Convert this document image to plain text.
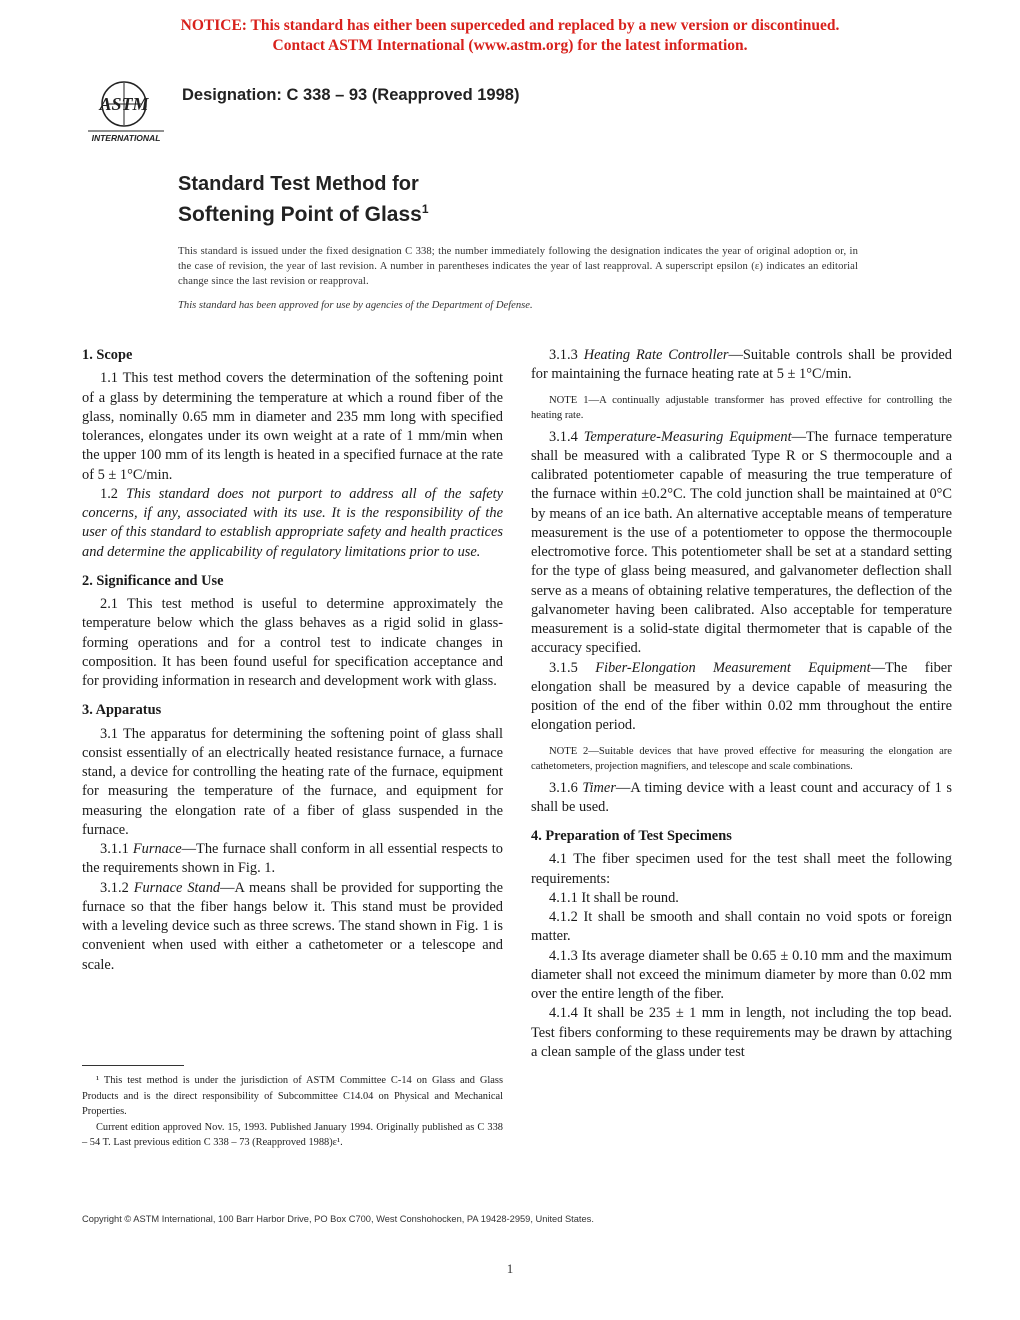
NOTICE: This standard has either been superceded and replaced by a new version or discontinued.
Contact ASTM International (www.astm.org) for the latest information.
ASTM
INTERNATIONAL
Designation: C 338 – 93 (Reapproved 1998)
Standard Test Method for
Softening Point of Glass$^1$
This standard is issued under the fixed designation C 338; the number immediately following the designation indicates the year of original adoption or, in the case of revision, the year of last revision. A number in parentheses indicates the year of last reapproval. A superscript epsilon (ε) indicates an editorial change since the last revision or reapproval.
This standard has been approved for use by agencies of the Department of Defense.
1. Scope

1.1 This test method covers the determination of the softening point of a glass by determining the temperature at which a round fiber of the glass, nominally 0.65 mm in diameter and 235 mm long with specified tolerances, elongates under its own weight at a rate of 1 mm/min when the upper 100 mm of its length is heated in a specified furnace at the rate of 5 ± 1°C/min.

1.2 This standard does not purport to address all of the safety concerns, if any, associated with its use. It is the responsibility of the user of this standard to establish appropriate safety and health practices and determine the applicability of regulatory limitations prior to use.

2. Significance and Use

2.1 This test method is useful to determine approximately the temperature below which the glass behaves as a rigid solid in glass-forming operations and for a control test to indicate changes in composition. It has been found useful for specification acceptance and for providing information in research and development work with glass.

3. Apparatus

3.1 The apparatus for determining the softening point of glass shall consist essentially of an electrically heated resistance furnace, a furnace stand, a device for controlling the heating rate of the furnace, equipment for measuring the temperature of the furnace, and equipment for measuring the elongation rate of a fiber of glass suspended in the furnace.

3.1.1 Furnace—The furnace shall conform in all essential respects to the requirements shown in Fig. 1.

3.1.2 Furnace Stand—A means shall be provided for supporting the furnace so that the fiber hangs below it. This stand must be provided with a leveling device such as three screws. The stand shown in Fig. 1 is convenient when used with either a cathetometer or a telescope and scale.

3.1.3 Heating Rate Controller—Suitable controls shall be provided for maintaining the furnace heating rate at 5 ± 1°C/min.

NOTE 1—A continually adjustable transformer has proved effective for controlling the heating rate.

3.1.4 Temperature-Measuring Equipment—The furnace temperature shall be measured with a calibrated Type R or S thermocouple and a calibrated potentiometer capable of measuring the true temperature of the furnace within ±0.2°C. The cold junction shall be maintained at 0°C by means of an ice bath. An alternative acceptable means of temperature measurement is the use of a potentiometer to oppose the thermocouple electromotive force. This potentiometer shall be set at a standard setting for the type of glass being measured, and galvanometer deflection shall serve as a means of obtaining relative temperatures, the deflection of the galvanometer having been calibrated. Also acceptable for temperature measurement is a solid-state digital thermometer that is capable of the accuracy specified.

3.1.5 Fiber-Elongation Measurement Equipment—The fiber elongation shall be measured by a device capable of measuring the position of the end of the fiber within 0.02 mm throughout the entire elongation period.

NOTE 2—Suitable devices that have proved effective for measuring the elongation are cathetometers, projection magnifiers, and telescope and scale combinations.

3.1.6 Timer—A timing device with a least count and accuracy of 1 s shall be used.

4. Preparation of Test Specimens

4.1 The fiber specimen used for the test shall meet the following requirements:

4.1.1 It shall be round.

4.1.2 It shall be smooth and shall contain no void spots or foreign matter.

4.1.3 Its average diameter shall be 0.65 ± 0.10 mm and the maximum diameter shall not exceed the minimum diameter by more than 0.02 mm over the entire length of the fiber.

4.1.4 It shall be 235 ± 1 mm in length, not including the top bead. Test fibers conforming to these requirements may be drawn by attaching a clean sample of the glass under test

¹ This test method is under the jurisdiction of ASTM Committee C-14 on Glass and Glass Products and is the direct responsibility of Subcommittee C14.04 on Physical and Mechanical Properties.

Current edition approved Nov. 15, 1993. Published January 1994. Originally published as C 338 – 54 T. Last previous edition C 338 – 73 (Reapproved 1988)ε¹.

Copyright © ASTM International, 100 Barr Harbor Drive, PO Box C700, West Conshohocken, PA 19428-2959, United States.
1
